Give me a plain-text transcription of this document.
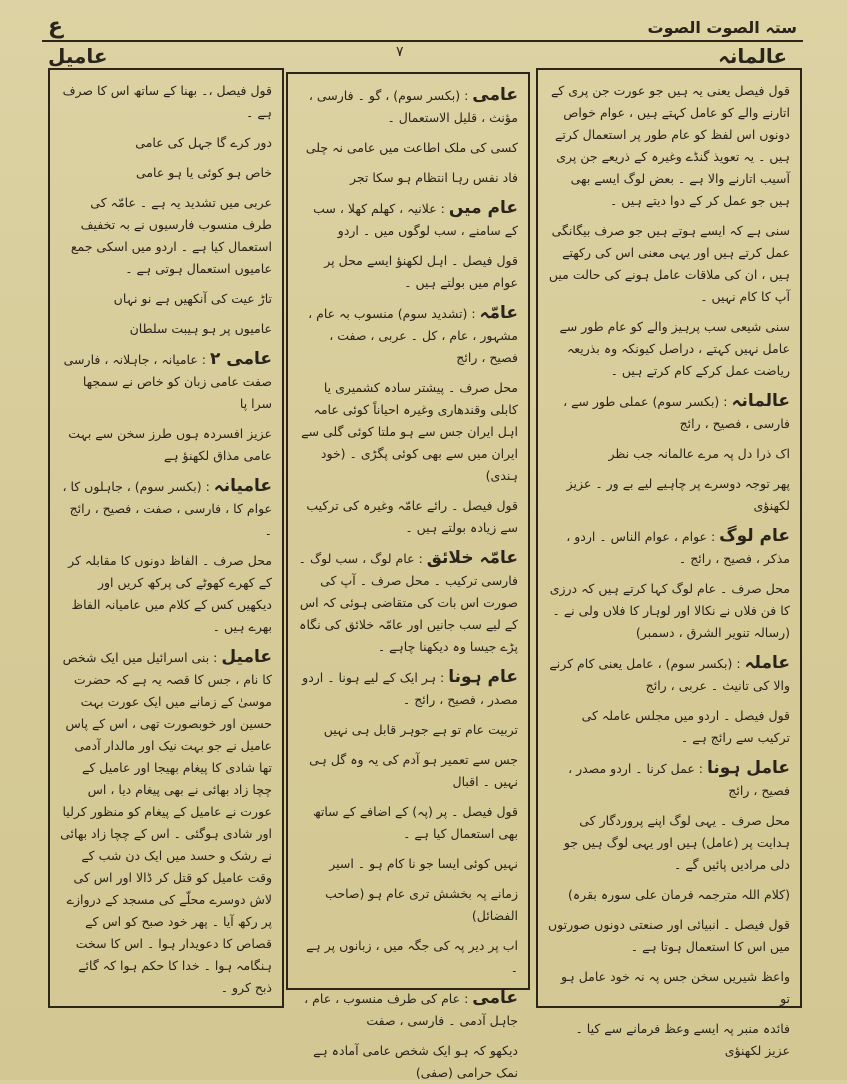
ع	ستہ الصوت الصوت
عامیل	۷	عالمانہ

قول فیصل ،۔ بھنا کے ساتھ اس کا صرف ہے ۔

دور کرے گا جہل کی عامی

خاص ہو کوئی یا ہو عامی

عربی میں تشدید یہ ہے ۔ عامّہ کی طرف منسوب فارسیوں نے بہ تخفیف استعمال کیا ہے ۔ اردو میں اسکی جمع عامیوں استعمال ہوتی ہے ۔

تاڑ عیت کی آنکھیں ہے نو نہاں

عامیوں پر ہو ہیبت سلطان

عامی ۲ : عامیانہ ، جاہلانہ ، فارسی صفت عامی زبان کو خاص نے سمجھا سرا پا

عزیز افسردہ ہوں طرز سخن سے بہت عامی مذاق لکھنؤ ہے

عامیانہ : (بکسر سوم) ، جاہلوں کا ، عوام کا ، فارسی ، صفت ، فصیح ، رائج ۔

محل صرف ۔ الفاظ دونوں کا مقابلہ کر کے کھرے کھوٹے کی پرکھ کریں اور دیکھیں کس کے کلام میں عامیانہ الفاظ بھرے ہیں ۔

عامیل : بنی اسرائیل میں ایک شخص کا نام ، جس کا قصہ یہ ہے کہ حضرت موسیٰ کے زمانے میں ایک عورت بہت حسین اور خوبصورت تھی ، اس کے پاس عامیل نے جو بہت نیک اور مالدار آدمی تھا شادی کا پیغام بھیجا اور عامیل کے چچا زاد بھائی نے بھی پیغام دیا ، اس عورت نے عامیل کے پیغام کو منظور کرلیا اور شادی ہوگئی ۔ اس کے چچا زاد بھائی نے رشک و حسد میں ایک دن شب کے وقت عامیل کو قتل کر ڈالا اور اس کی لاش دوسرے محلّے کی مسجد کے دروازے پر رکھ آیا ۔ پھر خود صبح کو اس کے قصاص کا دعویدار ہوا ۔ اس کا سخت ہنگامہ ہوا ۔ خدا کا حکم ہوا کہ گائے ذبح کرو ۔

عامی : (بکسر سوم) ، گو ۔ فارسی ، مؤنث ، قلیل الاستعمال ۔

کسی کی ملک اطاعت میں عامی نہ چلی

فاد نفس رہا انتظام ہو سکا تجر

عام میں : علانیہ ، کھلم کھلا ، سب کے سامنے ، سب لوگوں میں ۔ اردو

قول فیصل ۔ اہل لکھنؤ ایسے محل پر عوام میں بولتے ہیں ۔

عامّہ : (تشدید سوم) منسوب بہ عام ، مشہور ، عام ، کل ۔ عربی ، صفت ، فصیح ، رائج

محل صرف ۔ پیشتر سادہ کشمیری یا کابلی وقندھاری وغیرہ احیاناً کوئی عامہ اہل ایران جس سے ہو ملتا کوئی گلی سے ایران میں سے بھی کوئی پگڑی ۔ (خود ہندی)

قول فیصل ۔ رائے عامّہ وغیرہ کی ترکیب سے زیادہ بولتے ہیں ۔

عامّہ خلائق : عام لوگ ، سب لوگ ۔ فارسی ترکیب ۔ محل صرف ۔ آپ کی صورت اس بات کی متقاضی ہوئی کہ اس کے لیے سب جانیں اور عامّہ خلائق کی نگاہ پڑے جیسا وہ دیکھنا چاہے ۔

عام ہونا : ہر ایک کے لیے ہونا ۔ اردو مصدر ، فصیح ، رائج ۔

تربیت عام تو ہے جوہر قابل ہی نہیں

جس سے تعمیر ہو آدم کی یہ وہ گل ہی نہیں ۔ اقبال

قول فیصل ۔ پر (پہ) کے اضافے کے ساتھ بھی استعمال کیا ہے ۔

نہیں کوئی ایسا جو نا کام ہو ۔ اسیر

زمانے پہ بخشش تری عام ہو (صاحب الفضائل)

اب پر دیر پہ کی جگہ میں ، زبانوں پر ہے ۔

عامی : عام کی طرف منسوب ، عام ، جاہل آدمی ۔ فارسی ، صفت

دیکھو کہ ہو ایک شخص عامی آمادہ ہے نمک حرامی (صفی)

قول فیصل یعنی یہ ہیں جو عورت جن پری کے اتارنے والے کو عامل کہتے ہیں ، عوام خواص دونوں اس لفظ کو عام طور پر استعمال کرتے ہیں ۔ یہ تعویذ گنڈے وغیرہ کے ذریعے جن پری آسیب اتارنے والا ہے ۔ بعض لوگ ایسے بھی ہیں جو عمل کر کے دوا دیتے ہیں ۔

سنی ہے کہ ایسے ہوتے ہیں جو صرف بیگانگی عمل کرتے ہیں اور یہی معنی اس کی رکھتے ہیں ، ان کی ملاقات عامل ہونے کی حالت میں آپ کا کام نہیں ۔

سنی شیعی سب پرہیز والے کو عام طور سے عامل نہیں کہتے ، دراصل کیونکہ وہ بذریعہ ریاضت عمل کرکے کام کرتے ہیں ۔

عالمانہ : (بکسر سوم) عملی طور سے ، فارسی ، فصیح ، رائج

اک ذرا دل پہ مرے عالمانہ جب نظر

پھر توجہ دوسرے پر چاہیے لیے بے ور ۔ عزیز لکھنؤی

عام لوگ : عوام ، عوام الناس ۔ اردو ، مذکر ، فصیح ، رائج ۔

محل صرف ۔ عام لوگ کہا کرتے ہیں کہ درزی کا فن فلاں نے نکالا اور لوہار کا فلاں ولی نے ۔ (رسالہ تنویر الشرق ، دسمبر)

عاملہ : (بکسر سوم) ، عامل یعنی کام کرنے والا کی تانیث ۔ عربی ، رائج

قول فیصل ۔ اردو میں مجلس عاملہ کی ترکیب سے رائج ہے ۔

عامل ہونا : عمل کرنا ۔ اردو مصدر ، فصیح ، رائج

محل صرف ۔ یہی لوگ اپنے پروردگار کی ہدایت پر (عامل) ہیں اور یہی لوگ ہیں جو دلی مرادیں پائیں گے ۔

(کلام اللہ مترجمہ فرمان علی سورہ بقرہ)

قول فیصل ۔ انبیائی اور صنعتی دونوں صورتوں میں اس کا استعمال ہوتا ہے ۔

واعظ شیریں سخن جس پہ نہ خود عامل ہو تو

فائدہ منبر پہ ایسے وعظ فرمانے سے کیا ۔ عزیز لکھنؤی
